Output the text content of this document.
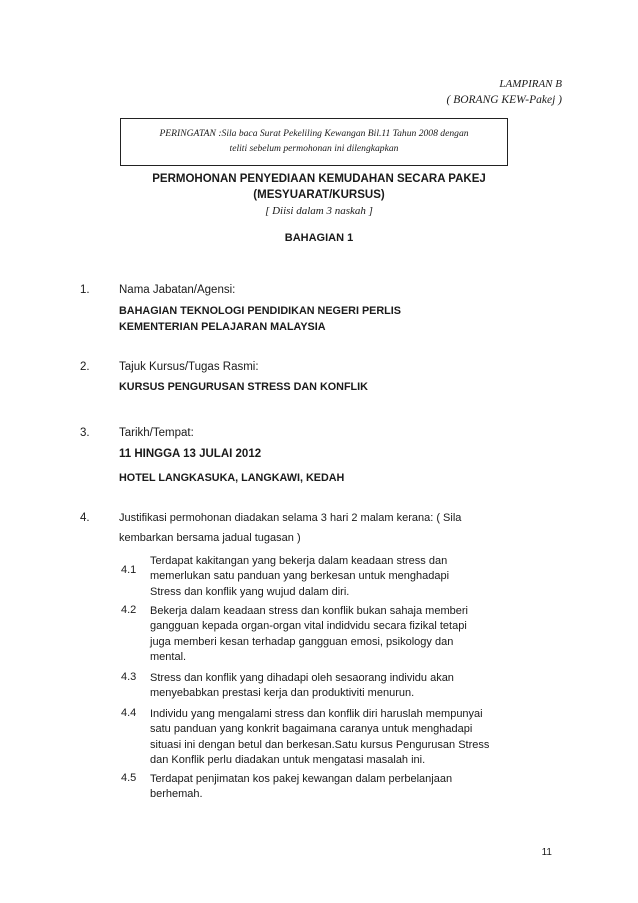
LAMPIRAN B
( BORANG KEW-Pakej )
PERINGATAN :Sila baca Surat Pekeliling Kewangan Bil.11 Tahun 2008 dengan
teliti sebelum permohonan ini dilengkapkan
PERMOHONAN PENYEDIAAN KEMUDAHAN SECARA PAKEJ
(MESYUARAT/KURSUS)
[ Diisi dalam 3 naskah ]
BAHAGIAN 1
1.	Nama Jabatan/Agensi:
BAHAGIAN TEKNOLOGI PENDIDIKAN NEGERI PERLIS
KEMENTERIAN PELAJARAN MALAYSIA
2.	Tajuk Kursus/Tugas Rasmi:
KURSUS PENGURUSAN STRESS DAN KONFLIK
3.	Tarikh/Tempat:
11 HINGGA 13 JULAI 2012
HOTEL LANGKASUKA, LANGKAWI, KEDAH
4.	Justifikasi permohonan diadakan selama 3 hari 2 malam kerana: ( Sila
kembarkan bersama jadual tugasan )
4.1
Terdapat kakitangan yang bekerja dalam keadaan stress dan
memerlukan satu panduan yang berkesan untuk menghadapi
Stress dan konflik yang wujud dalam diri.
4.2 Bekerja dalam keadaan stress dan konflik bukan sahaja memberi
gangguan kepada organ-organ vital indidvidu secara fizikal tetapi
juga memberi kesan terhadap gangguan emosi, psikology dan
mental.
4.3 Stress dan konflik yang dihadapi oleh sesaorang individu akan
menyebabkan prestasi kerja dan produktiviti menurun.
4.4 Individu yang mengalami stress dan konflik diri haruslah mempunyai
satu panduan yang konkrit bagaimana caranya untuk menghadapi
situasi ini dengan betul dan berkesan.Satu kursus Pengurusan Stress
dan Konflik perlu diadakan untuk mengatasi masalah ini.
4.5 Terdapat penjimatan kos pakej kewangan dalam perbelanjaan
berhemah.
11
